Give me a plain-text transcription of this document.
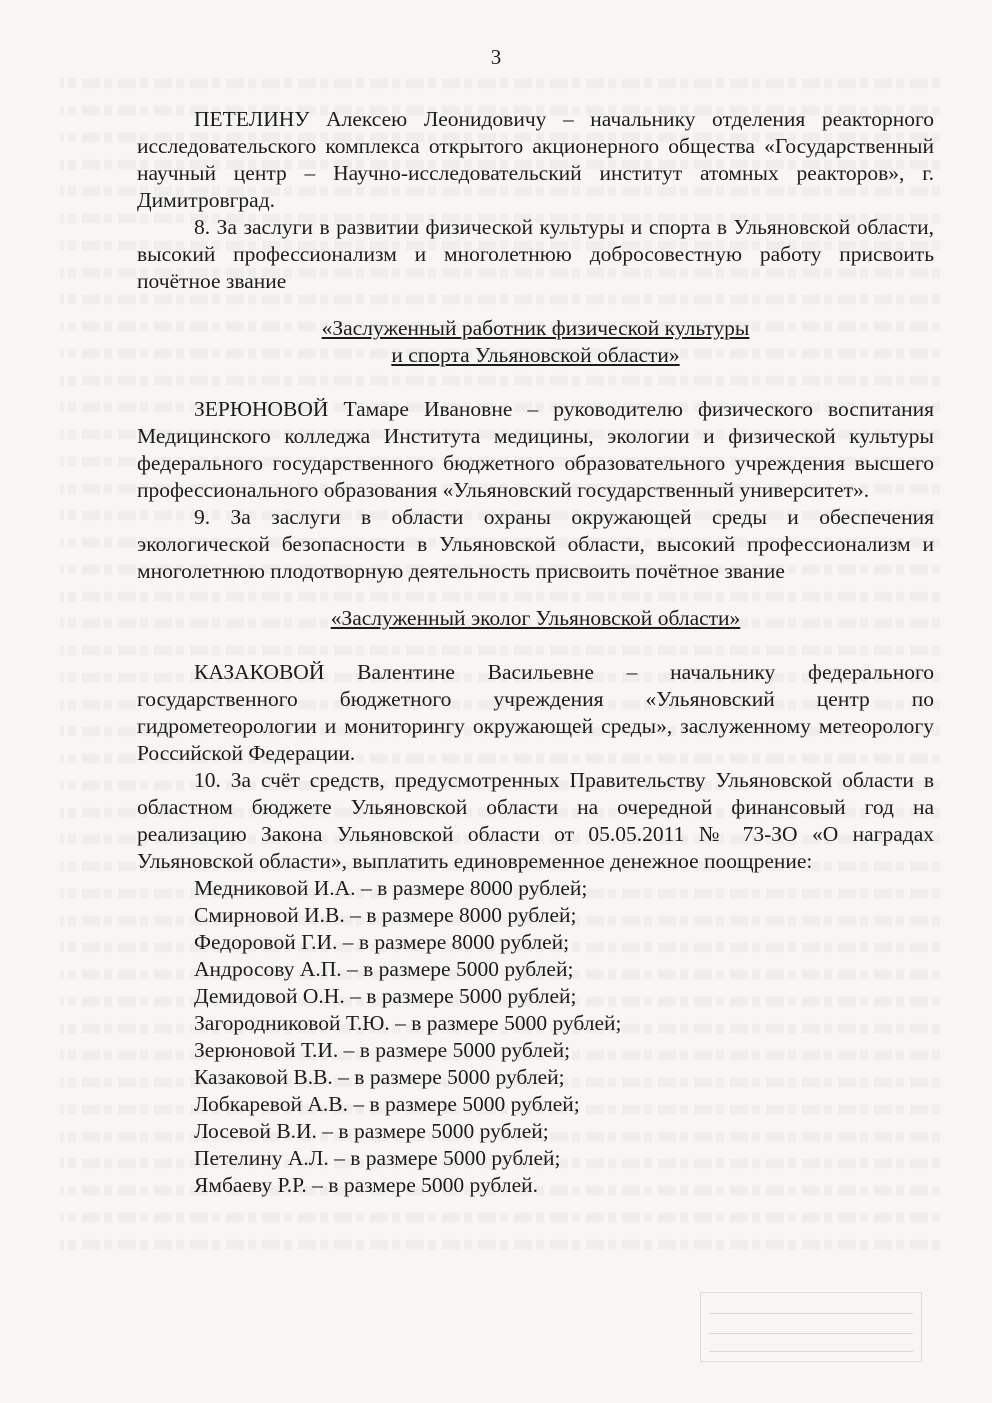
3

ПЕТЕЛИНУ Алексею Леонидовичу – начальнику отделения реакторного исследовательского комплекса открытого акционерного общества «Государственный научный центр – Научно-исследовательский институт атомных реакторов», г. Димитровград.

8. За заслуги в развитии физической культуры и спорта в Ульяновской области, высокий профессионализм и многолетнюю добросовестную работу присвоить почётное звание

«Заслуженный работник физической культуры

и спорта Ульяновской области»

ЗЕРЮНОВОЙ Тамаре Ивановне – руководителю физического воспитания Медицинского колледжа Института медицины, экологии и физической культуры федерального государственного бюджетного образовательного учреждения высшего профессионального образования «Ульяновский государственный университет».

9. За заслуги в области охраны окружающей среды и обеспечения экологической безопасности в Ульяновской области, высокий профессионализм и многолетнюю плодотворную деятельность присвоить почётное звание

«Заслуженный эколог Ульяновской области»

КАЗАКОВОЙ Валентине Васильевне – начальнику федерального государственного бюджетного учреждения «Ульяновский центр по гидрометеорологии и мониторингу окружающей среды», заслуженному метеорологу Российской Федерации.

10. За счёт средств, предусмотренных Правительству Ульяновской области в областном бюджете Ульяновской области на очередной финансовый год на реализацию Закона Ульяновской области от 05.05.2011 № 73-ЗО «О наградах Ульяновской области», выплатить единовременное денежное поощрение:

Медниковой И.А. – в размере 8000 рублей;
Смирновой И.В. – в размере 8000 рублей;
Федоровой Г.И. – в размере 8000 рублей;
Андросову А.П. – в размере 5000 рублей;
Демидовой О.Н. – в размере 5000 рублей;
Загородниковой Т.Ю. – в размере 5000 рублей;
Зерюновой Т.И. – в размере 5000 рублей;
Казаковой В.В. – в размере 5000 рублей;
Лобкаревой А.В. – в размере 5000 рублей;
Лосевой В.И. – в размере 5000 рублей;
Петелину А.Л. – в размере 5000 рублей;
Ямбаеву Р.Р. – в размере 5000 рублей.
